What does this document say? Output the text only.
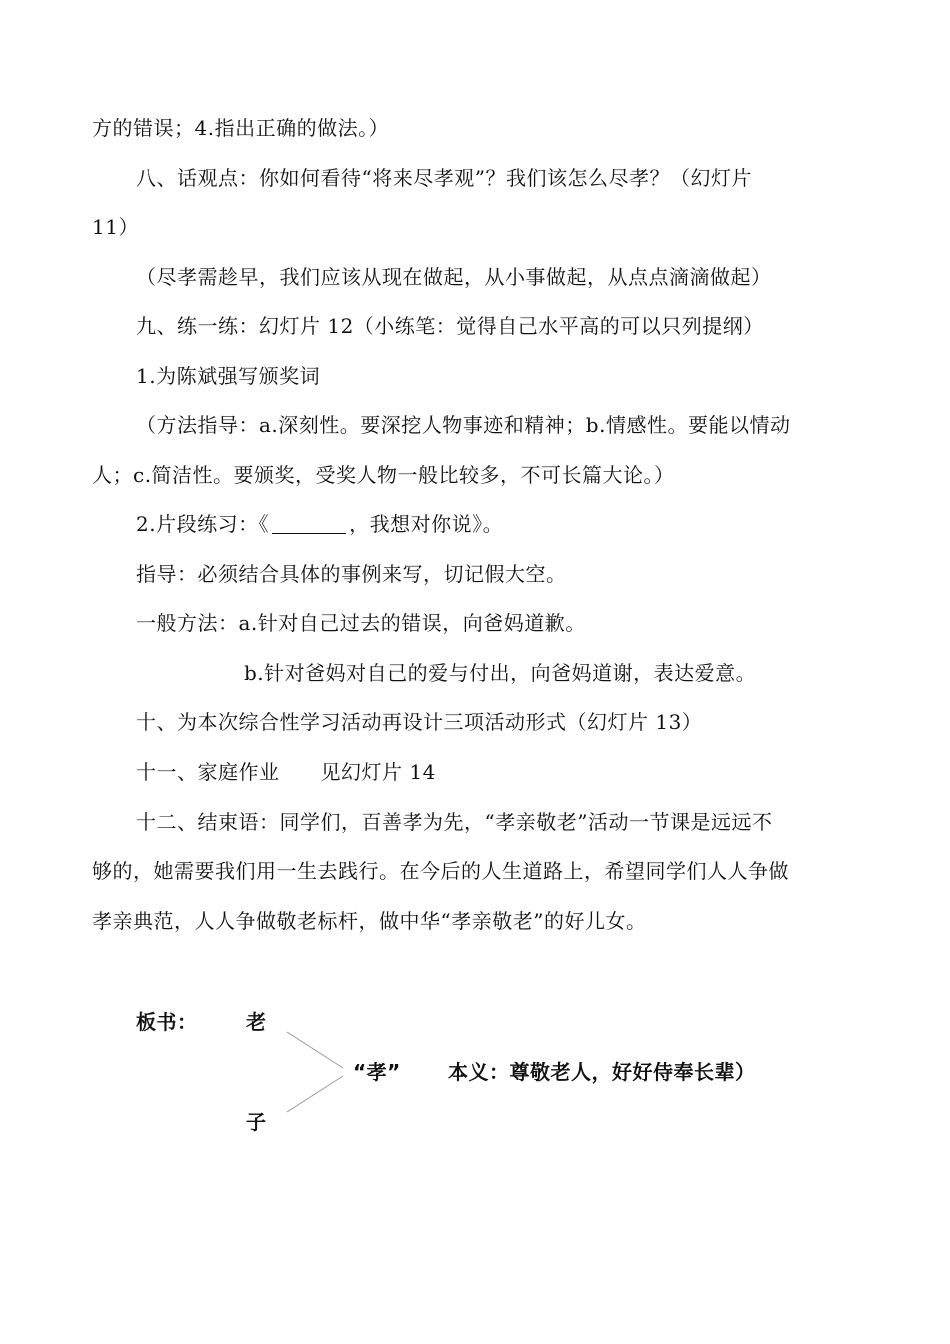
方的错误；4.指出正确的做法。）
八、话观点：你如何看待“将来尽孝观”？我们该怎么尽孝？（幻灯片
11）
（尽孝需趁早，我们应该从现在做起，从小事做起，从点点滴滴做起）
九、练一练：幻灯片 12（小练笔：觉得自己水平高的可以只列提纲）
1.为陈斌强写颁奖词
（方法指导：a.深刻性。要深挖人物事迹和精神；b.情感性。要能以情动
人；c.简洁性。要颁奖，受奖人物一般比较多，不可长篇大论。）
2.片段练习：《	，我想对你说》。
指导：必须结合具体的事例来写，切记假大空。
一般方法：a.针对自己过去的错误，向爸妈道歉。
b.针对爸妈对自己的爱与付出，向爸妈道谢，表达爱意。
十、为本次综合性学习活动再设计三项活动形式（幻灯片 13）
十一、家庭作业　　见幻灯片 14
十二、结束语：同学们，百善孝为先，“孝亲敬老”活动一节课是远远不
够的，她需要我们用一生去践行。在今后的人生道路上，希望同学们人人争做
孝亲典范，人人争做敬老标杆，做中华“孝亲敬老”的好儿女。
板书： 老
子
“孝” 本义：尊敬老人，好好侍奉长辈）
